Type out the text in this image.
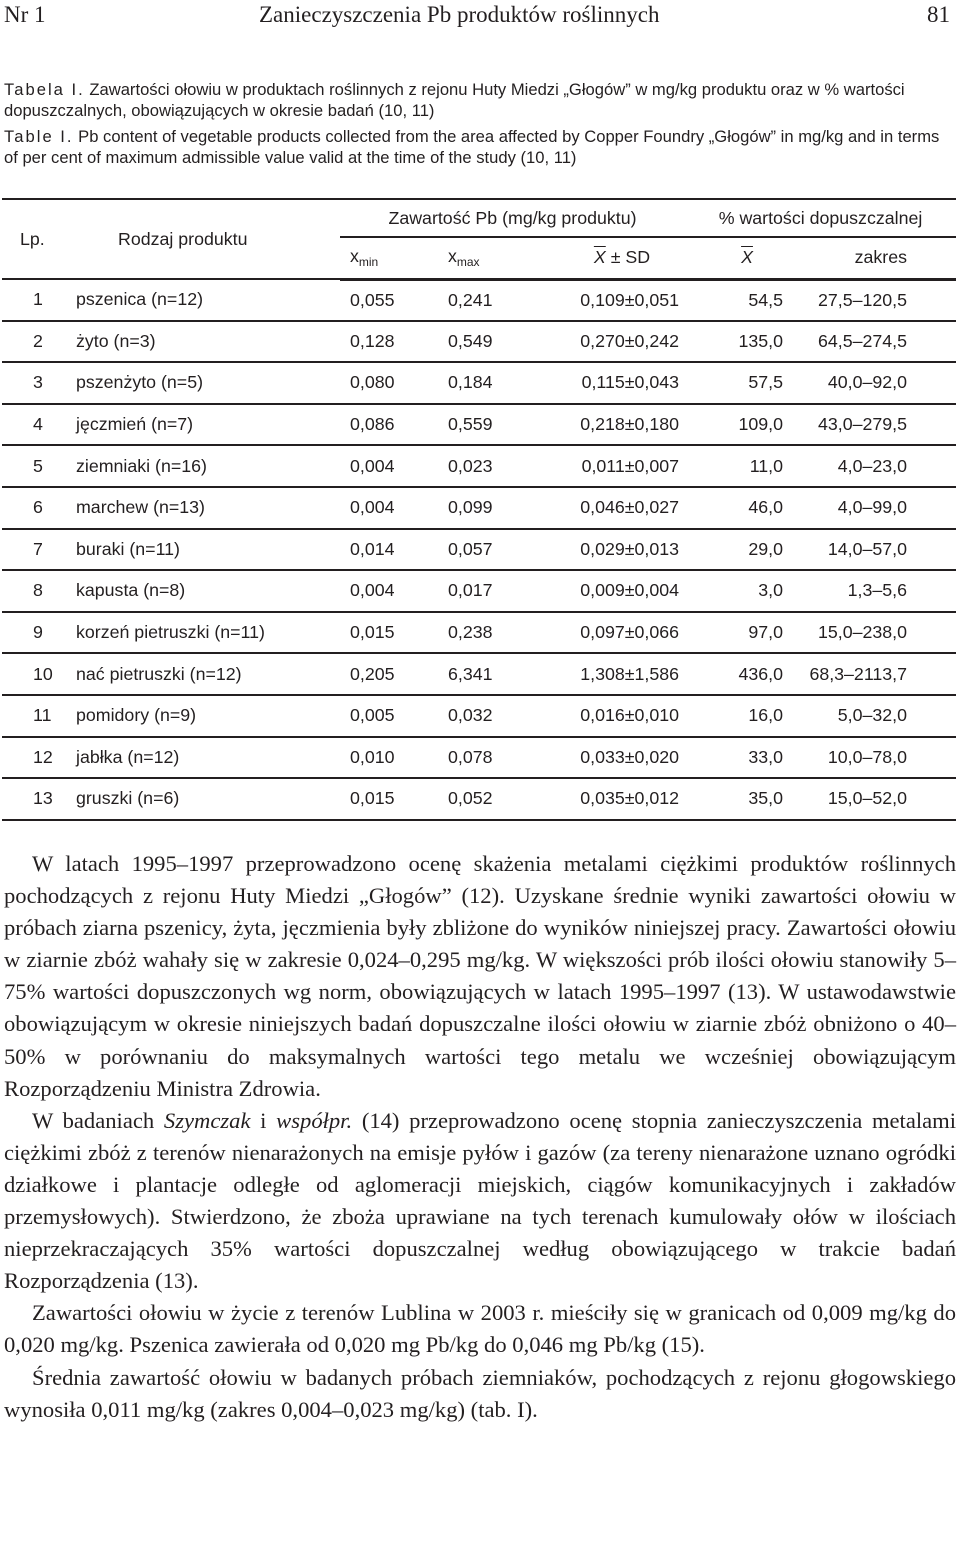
Nr 1	Zanieczyszczenia Pb produktów roślinnych	81
Tabela I. Zawartości ołowiu w produktach roślinnych z rejonu Huty Miedzi „Głogów” w mg/kg produktu oraz w % wartości dopuszczalnych, obowiązujących w okresie badań (10, 11)
Table I. Pb content of vegetable products collected from the area affected by Copper Foundry „Głogów” in mg/kg and in terms of per cent of maximum admissible value valid at the time of the study (10, 11)
Lp.	Rodzaj produktu	Zawartość Pb (mg/kg produktu)			% wartości dopuszczalnej	
		$x_{min}$	$x_{max}$	$\overline{X}$ ± SD	$\overline{X}$	zakres
1	pszenica (n=12)	0,055	0,241	0,109±0,051	54,5	27,5–120,5
2	żyto (n=3)	0,128	0,549	0,270±0,242	135,0	64,5–274,5
3	pszenżyto (n=5)	0,080	0,184	0,115±0,043	57,5	40,0–92,0
4	jęczmień (n=7)	0,086	0,559	0,218±0,180	109,0	43,0–279,5
5	ziemniaki (n=16)	0,004	0,023	0,011±0,007	11,0	4,0–23,0
6	marchew (n=13)	0,004	0,099	0,046±0,027	46,0	4,0–99,0
7	buraki (n=11)	0,014	0,057	0,029±0,013	29,0	14,0–57,0
8	kapusta (n=8)	0,004	0,017	0,009±0,004	3,0	1,3–5,6
9	korzeń pietruszki (n=11)	0,015	0,238	0,097±0,066	97,0	15,0–238,0
10	nać pietruszki (n=12)	0,205	6,341	1,308±1,586	436,0	68,3–2113,7
11	pomidory (n=9)	0,005	0,032	0,016±0,010	16,0	5,0–32,0
12	jabłka (n=12)	0,010	0,078	0,033±0,020	33,0	10,0–78,0
13	gruszki (n=6)	0,015	0,052	0,035±0,012	35,0	15,0–52,0

W latach 1995–1997 przeprowadzono ocenę skażenia metalami ciężkimi produktów roślinnych pochodzących z rejonu Huty Miedzi „Głogów” (12). Uzyskane średnie wyniki zawartości ołowiu w próbach ziarna pszenicy, żyta, jęczmienia były zbliżone do wyników niniejszej pracy. Zawartości ołowiu w ziarnie zbóż wahały się w zakresie 0,024–0,295 mg/kg. W większości prób ilości ołowiu stanowiły 5–75% wartości dopuszczonych wg norm, obowiązujących w latach 1995–1997 (13). W ustawodawstwie obowiązującym w okresie niniejszych badań dopuszczalne ilości ołowiu w ziarnie zbóż obniżono o 40–50% w porównaniu do maksymalnych wartości tego metalu we wcześniej obowiązującym Rozporządzeniu Ministra Zdrowia.

W badaniach Szymczak i współpr. (14) przeprowadzono ocenę stopnia zanieczyszczenia metalami ciężkimi zbóż z terenów nienarażonych na emisje pyłów i gazów (za tereny nienarażone uznano ogródki działkowe i plantacje odległe od aglomeracji miejskich, ciągów komunikacyjnych i zakładów przemysłowych). Stwierdzono, że zboża uprawiane na tych terenach kumulowały ołów w ilościach nieprzekraczających 35% wartości dopuszczalnej według obowiązującego w trakcie badań Rozporządzenia (13).

Zawartości ołowiu w życie z terenów Lublina w 2003 r. mieściły się w granicach od 0,009 mg/kg do 0,020 mg/kg. Pszenica zawierała od 0,020 mg Pb/kg do 0,046 mg Pb/kg (15).

Średnia zawartość ołowiu w badanych próbach ziemniaków, pochodzących z rejonu głogowskiego wynosiła 0,011 mg/kg (zakres 0,004–0,023 mg/kg) (tab. I).
